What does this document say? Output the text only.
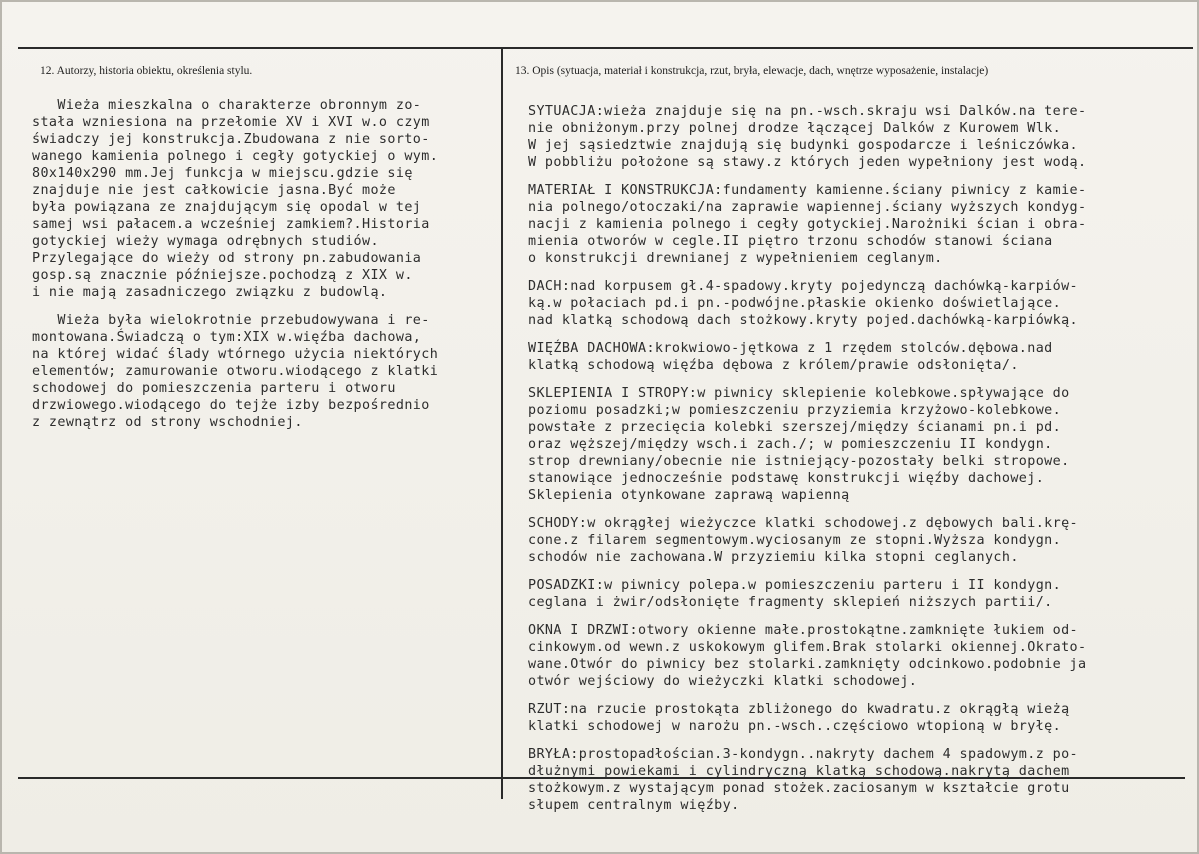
12. Autorzy, historia obiektu, określenia stylu.	13. Opis (sytuacja, materiał i konstrukcja, rzut, bryła, elewacje, dach, wnętrze wyposażenie, instalacje)
Wieża mieszkalna o charakterze obronnym zo-
stała wzniesiona na przełomie XV i XVI w.o czym
świadczy jej konstrukcja.Zbudowana z nie sorto-
wanego kamienia polnego i cegły gotyckiej o wym.
80x140x290 mm.Jej funkcja w miejscu.gdzie się
znajduje nie jest całkowicie jasna.Być może
była powiązana ze znajdującym się opodal w tej
samej wsi pałacem.a wcześniej zamkiem?.Historia
gotyckiej wieży wymaga odrębnych studiów.
Przylegające do wieży od strony pn.zabudowania
gosp.są znacznie późniejsze.pochodzą z XIX w.
i nie mają zasadniczego związku z budowlą.
Wieża była wielokrotnie przebudowywana i re-
montowana.Świadczą o tym:XIX w.więźba dachowa,
na której widać ślady wtórnego użycia niektórych
elementów; zamurowanie otworu.wiodącego z klatki
schodowej do pomieszczenia parteru i otworu
drzwiowego.wiodącego do tejże izby bezpośrednio
z zewnątrz od strony wschodniej.
SYTUACJA:wieża znajduje się na pn.-wsch.skraju wsi Dalków.na tere-
nie obniżonym.przy polnej drodze łączącej Dalków z Kurowem Wlk.
W jej sąsiedztwie znajdują się budynki gospodarcze i leśniczówka.
W pobbliżu położone są stawy.z których jeden wypełniony jest wodą.
MATERIAŁ I KONSTRUKCJA:fundamenty kamienne.ściany piwnicy z kamie-
nia polnego/otoczaki/na zaprawie wapiennej.ściany wyższych kondyg-
nacji z kamienia polnego i cegły gotyckiej.Narożniki ścian i obra-
mienia otworów w cegle.II piętro trzonu schodów stanowi ściana
o konstrukcji drewnianej z wypełnieniem ceglanym.
DACH:nad korpusem gł.4-spadowy.kryty pojedynczą dachówką-karpiów-
ką.w połaciach pd.i pn.-podwójne.płaskie okienko doświetlające.
nad klatką schodową dach stożkowy.kryty pojed.dachówką-karpiówką.
WIĘŹBA DACHOWA:krokwiowo-jętkowa z 1 rzędem stolców.dębowa.nad
klatką schodową więźba dębowa z królem/prawie odsłonięta/.
SKLEPIENIA I STROPY:w piwnicy sklepienie kolebkowe.spływające do
poziomu posadzki;w pomieszczeniu przyziemia krzyżowo-kolebkowe.
powstałe z przecięcia kolebki szerszej/między ścianami pn.i pd.
oraz węższej/między wsch.i zach./; w pomieszczeniu II kondygn.
strop drewniany/obecnie nie istniejący-pozostały belki stropowe.
stanowiące jednocześnie podstawę konstrukcji więźby dachowej.
Sklepienia otynkowane zaprawą wapienną
SCHODY:w okrągłej wieżyczce klatki schodowej.z dębowych bali.krę-
cone.z filarem segmentowym.wyciosanym ze stopni.Wyższa kondygn.
schodów nie zachowana.W przyziemiu kilka stopni ceglanych.
POSADZKI:w piwnicy polepa.w pomieszczeniu parteru i II kondygn.
ceglana i żwir/odsłonięte fragmenty sklepień niższych partii/.
OKNA I DRZWI:otwory okienne małe.prostokątne.zamknięte łukiem od-
cinkowym.od wewn.z uskokowym glifem.Brak stolarki okiennej.Okrato-
wane.Otwór do piwnicy bez stolarki.zamknięty odcinkowo.podobnie ja
otwór wejściowy do wieżyczki klatki schodowej.
RZUT:na rzucie prostokąta zbliżonego do kwadratu.z okrągłą wieżą
klatki schodowej w narożu pn.-wsch..częściowo wtopioną w bryłę.
BRYŁA:prostopadłościan.3-kondygn..nakryty dachem 4 spadowym.z po-
dłużnymi powiekami i cylindryczną klatką schodową.nakrytą dachem
stożkowym.z wystającym ponad stożek.zaciosanym w kształcie grotu
słupem centralnym więźby.
